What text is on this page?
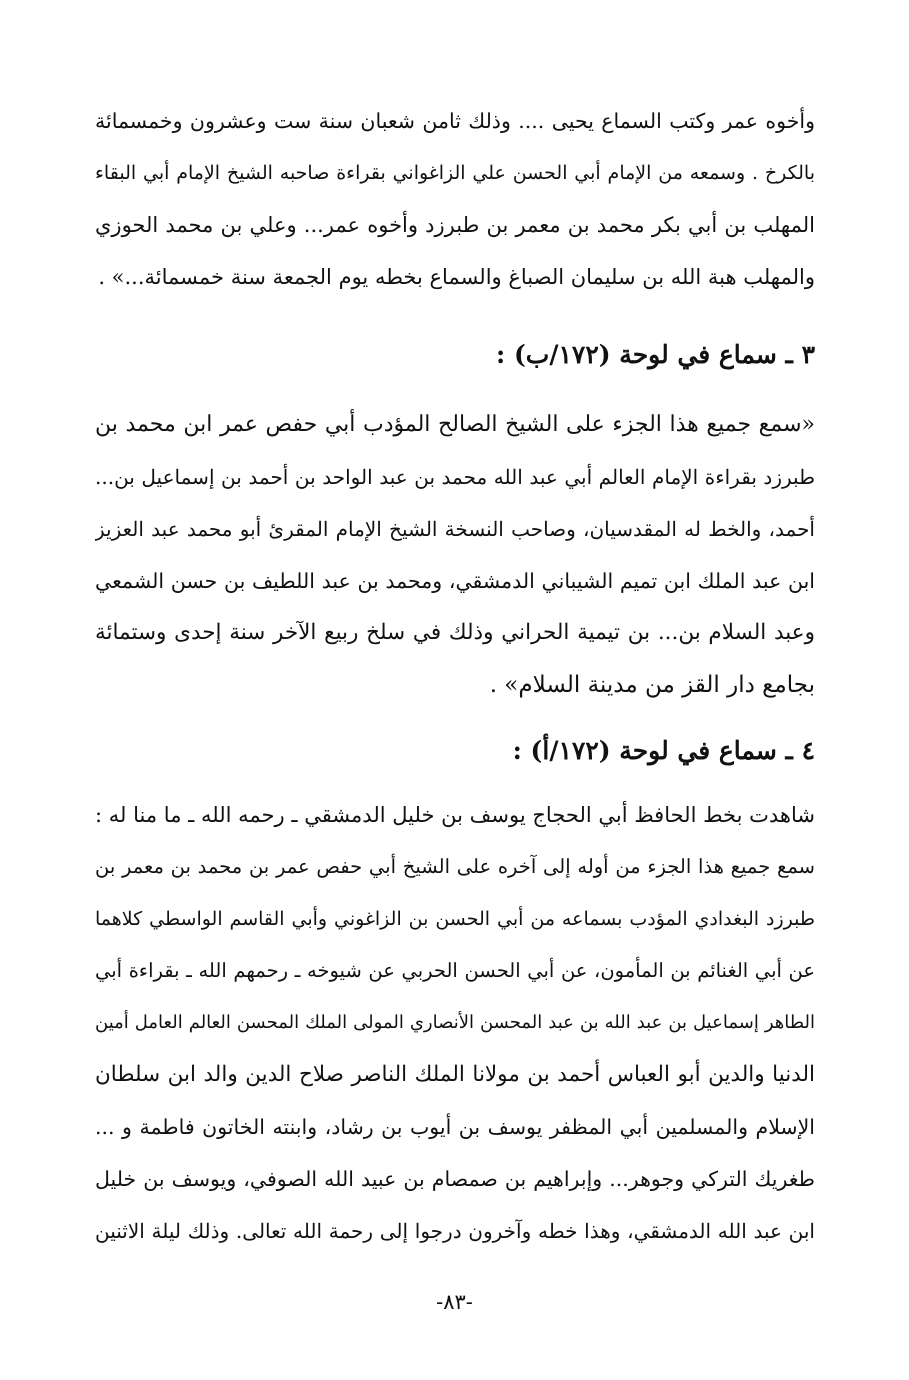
وأخوه عمر وكتب السماع يحيى .... وذلك ثامن شعبان سنة ست وعشرون وخمسمائة
بالكرخ . وسمعه من الإمام أبي الحسن علي الزاغواني بقراءة صاحبه الشيخ الإمام أبي البقاء
المهلب بن أبي بكر محمد بن معمر بن طبرزد وأخوه عمر... وعلي بن محمد الحوزي
والمهلب هبة الله بن سليمان الصباغ والسماع بخطه يوم الجمعة سنة خمسمائة...» .
٣ ـ سماع في لوحة (١٧٢/ب) :
«سمع جميع هذا الجزء على الشيخ الصالح المؤدب أبي حفص عمر ابن محمد بن
طبرزد بقراءة الإمام العالم أبي عبد الله محمد بن عبد الواحد بن أحمد بن إسماعيل بن...
أحمد، والخط له المقدسيان، وصاحب النسخة الشيخ الإمام المقرئ أبو محمد عبد العزيز
ابن عبد الملك ابن تميم الشيباني الدمشقي، ومحمد بن عبد اللطيف بن حسن الشمعي
وعبد السلام بن... بن تيمية الحراني وذلك في سلخ ربيع الآخر سنة إحدى وستمائة
بجامع دار القز من مدينة السلام» .
٤ ـ سماع في لوحة (١٧٢/أ) :
شاهدت بخط الحافظ أبي الحجاج يوسف بن خليل الدمشقي ـ رحمه الله ـ ما منا له :
سمع جميع هذا الجزء من أوله إلى آخره على الشيخ أبي حفص عمر بن محمد بن معمر بن
طبرزد البغدادي المؤدب بسماعه من أبي الحسن بن الزاغوني وأبي القاسم الواسطي كلاهما
عن أبي الغنائم بن المأمون، عن أبي الحسن الحربي عن شيوخه ـ رحمهم الله ـ بقراءة أبي
الطاهر إسماعيل بن عبد الله بن عبد المحسن الأنصاري المولى الملك المحسن العالم العامل أمين
الدنيا والدين أبو العباس أحمد بن مولانا الملك الناصر صلاح الدين والد ابن سلطان
الإسلام والمسلمين أبي المظفر يوسف بن أيوب بن رشاد، وابنته الخاتون فاطمة و ...
طغريك التركي وجوهر... وإبراهيم بن صمصام بن عبيد الله الصوفي، ويوسف بن خليل
ابن عبد الله الدمشقي، وهذا خطه وآخرون درجوا إلى رحمة الله تعالى. وذلك ليلة الاثنين
-٨٣-
